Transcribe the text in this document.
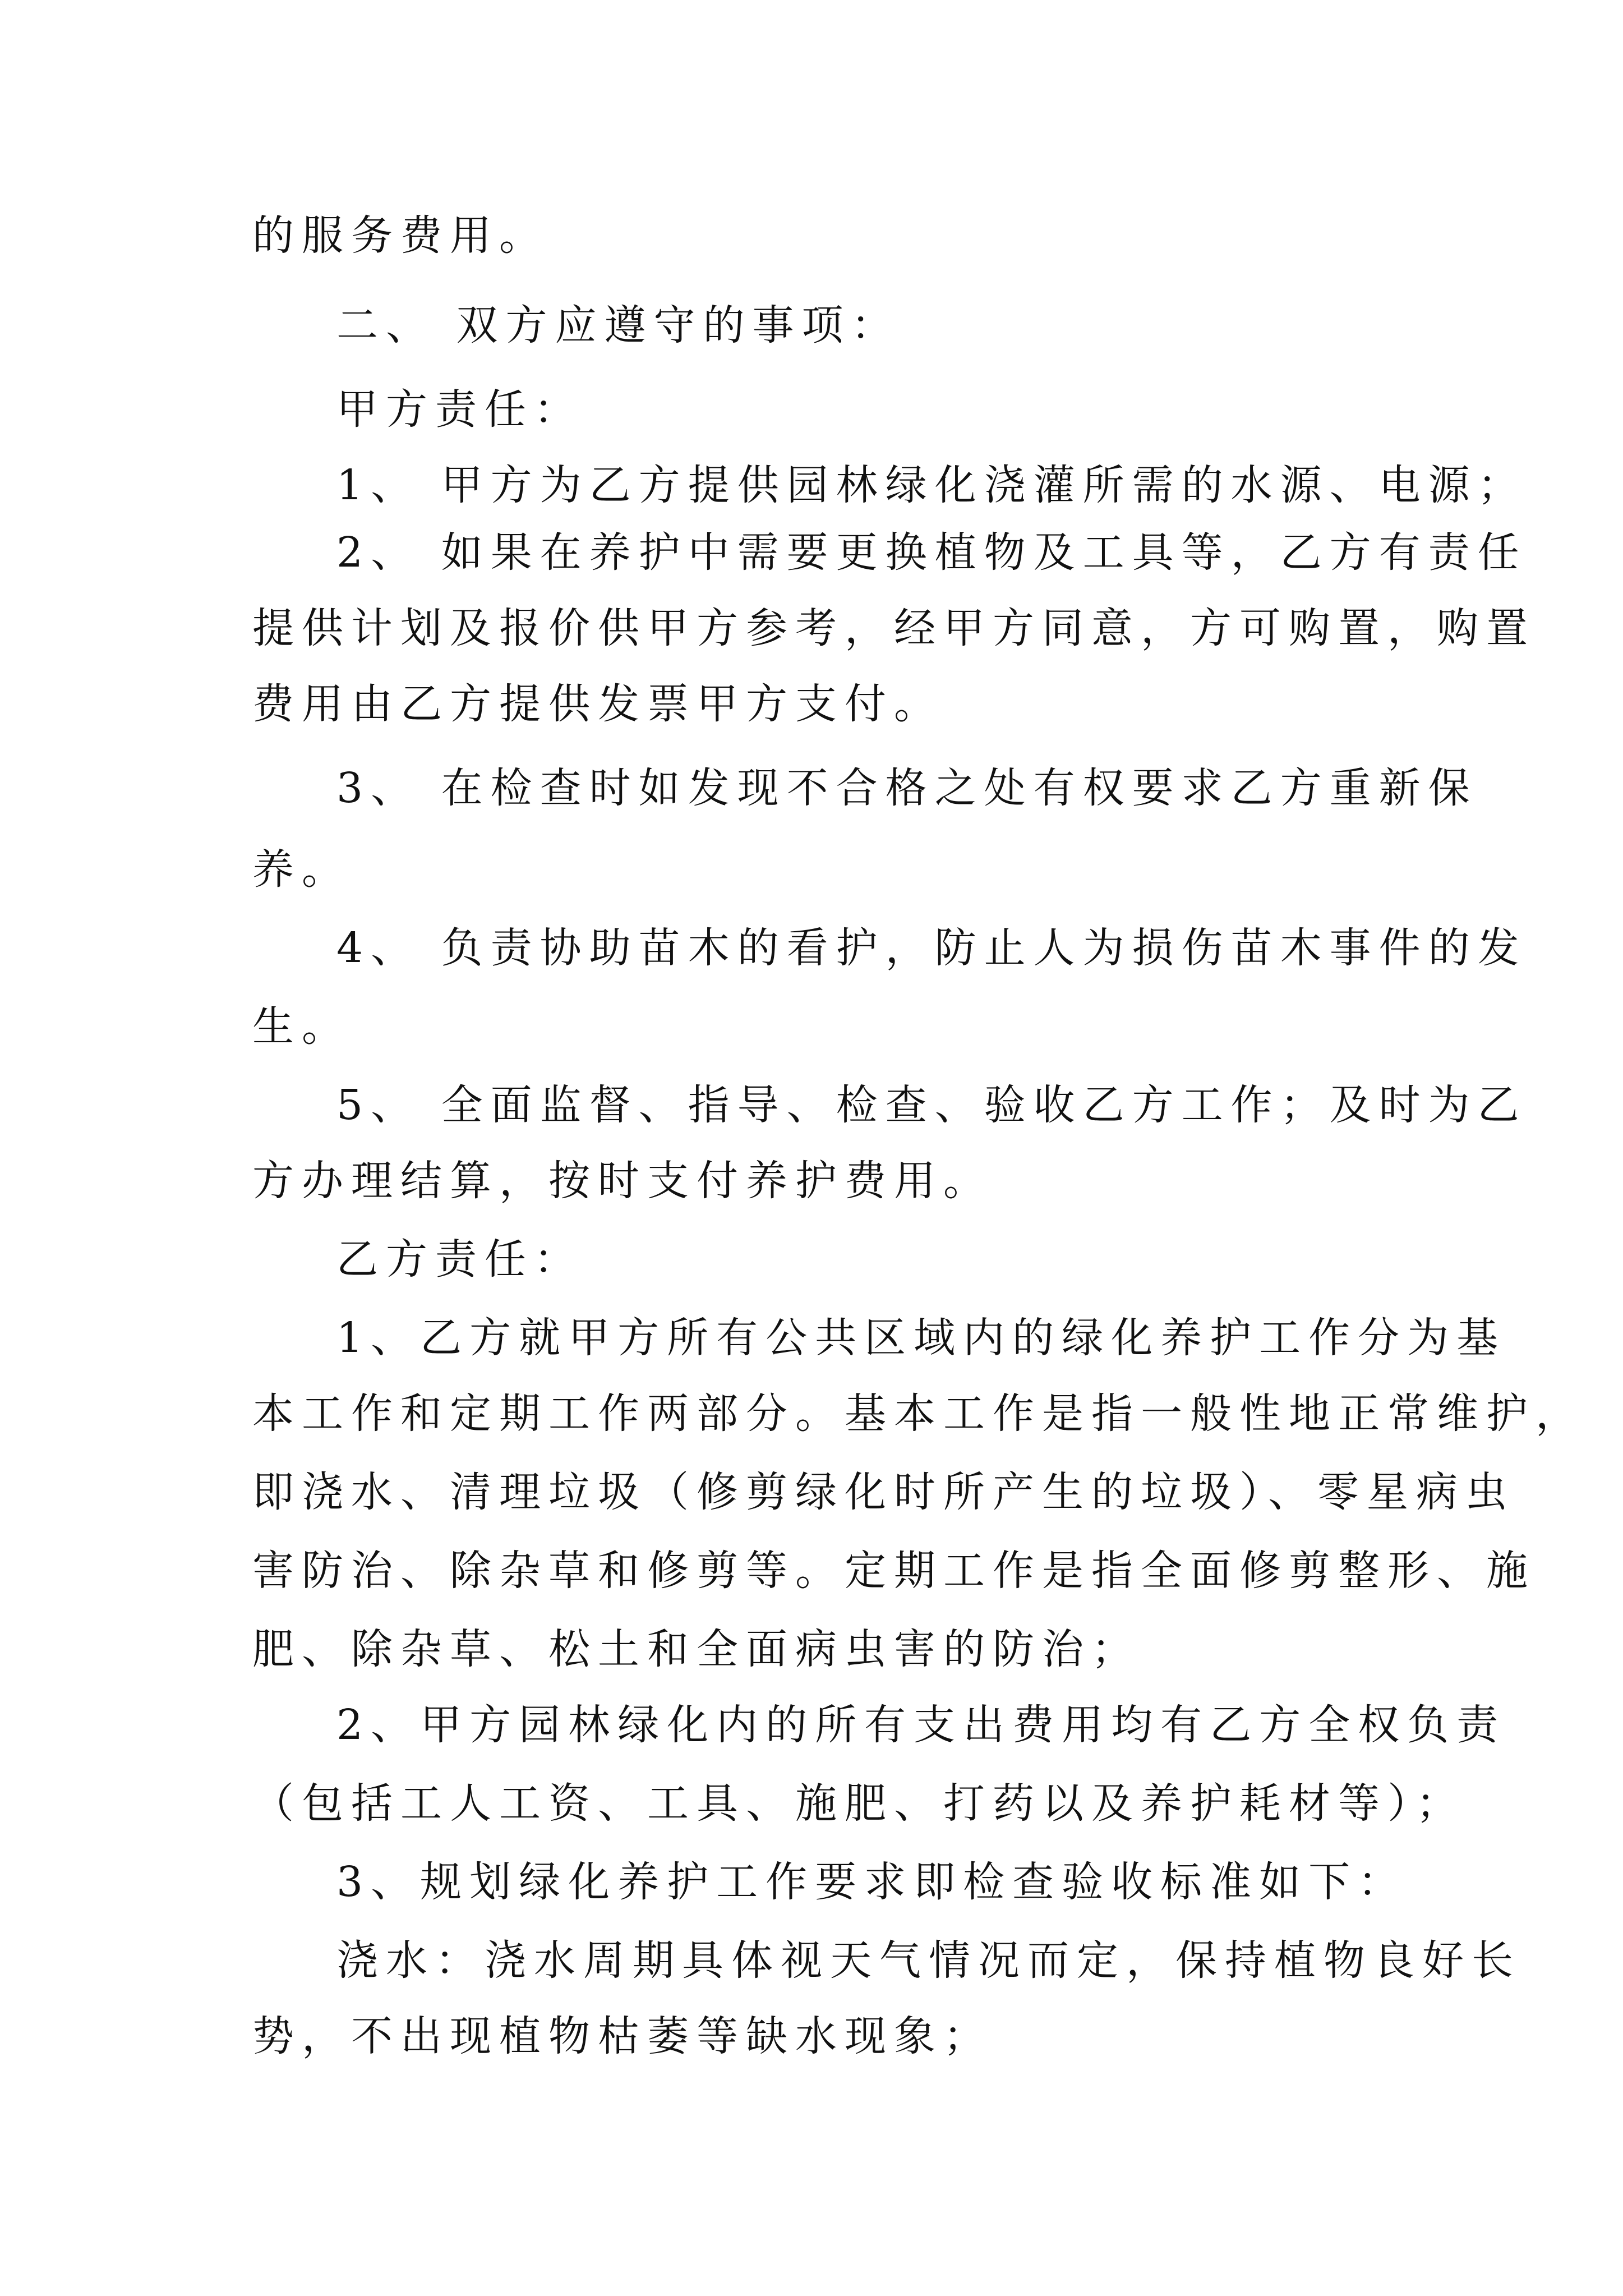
的服务费用。
二、 双方应遵守的事项：
甲方责任：
1、 甲方为乙方提供园林绿化浇灌所需的水源、电源；
2、 如果在养护中需要更换植物及工具等，乙方有责任
提供计划及报价供甲方参考，经甲方同意，方可购置，购置
费用由乙方提供发票甲方支付。
3、 在检查时如发现不合格之处有权要求乙方重新保
养。
4、 负责协助苗木的看护，防止人为损伤苗木事件的发
生。
5、 全面监督、指导、检查、验收乙方工作；及时为乙
方办理结算，按时支付养护费用。
乙方责任：
1、乙方就甲方所有公共区域内的绿化养护工作分为基
本工作和定期工作两部分。基本工作是指一般性地正常维护，
即浇水、清理垃圾（修剪绿化时所产生的垃圾）、零星病虫
害防治、除杂草和修剪等。定期工作是指全面修剪整形、施
肥、除杂草、松土和全面病虫害的防治；
2、甲方园林绿化内的所有支出费用均有乙方全权负责
（包括工人工资、工具、施肥、打药以及养护耗材等）；
3、规划绿化养护工作要求即检查验收标准如下：
浇水：浇水周期具体视天气情况而定，保持植物良好长
势，不出现植物枯萎等缺水现象；
